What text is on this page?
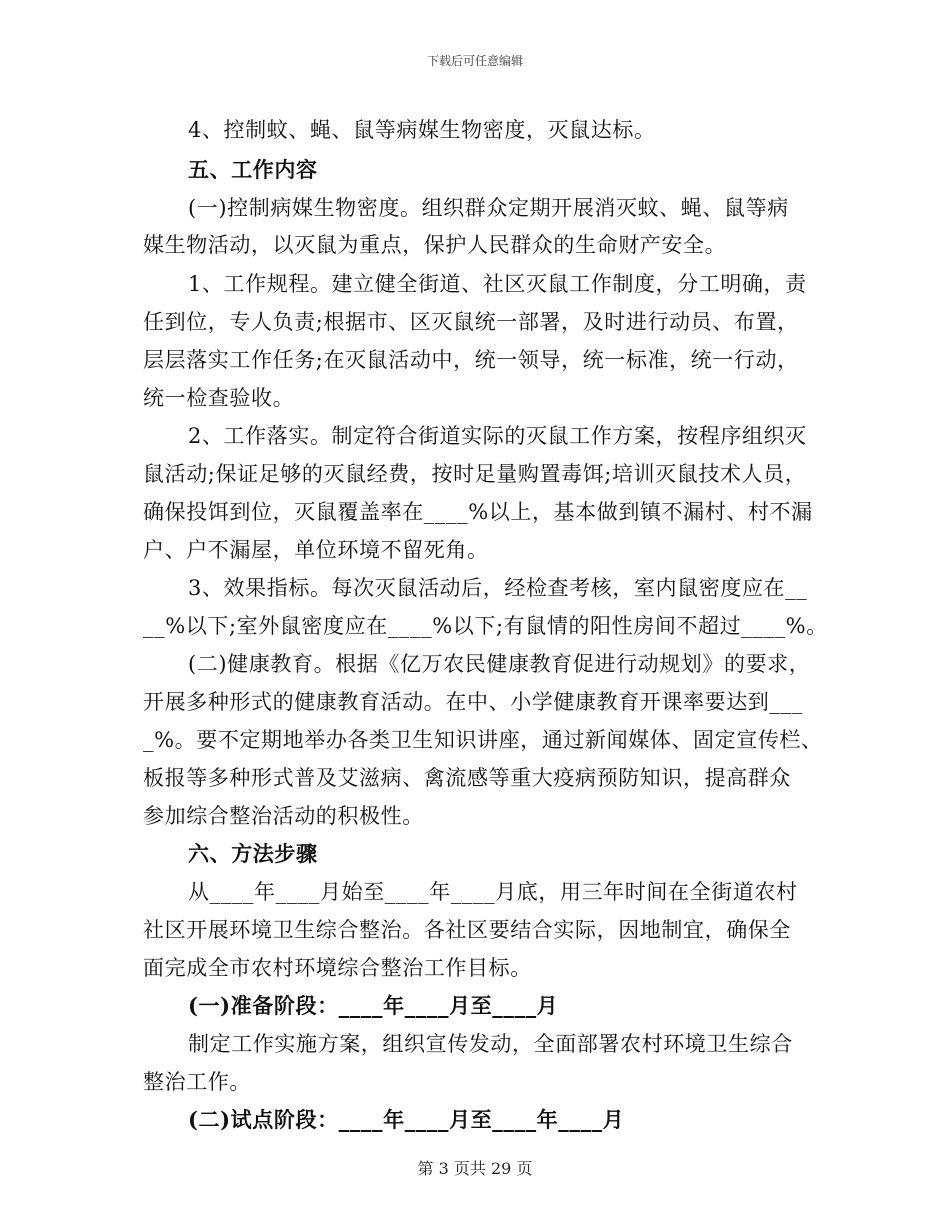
下载后可任意编辑
4、控制蚊、蝇、鼠等病媒生物密度，灭鼠达标。
五、工作内容
(一)控制病媒生物密度。组织群众定期开展消灭蚊、蝇、鼠等病
媒生物活动，以灭鼠为重点，保护人民群众的生命财产安全。
1、工作规程。建立健全街道、社区灭鼠工作制度，分工明确，责
任到位，专人负责;根据市、区灭鼠统一部署，及时进行动员、布置，
层层落实工作任务;在灭鼠活动中，统一领导，统一标准，统一行动，
统一检查验收。
2、工作落实。制定符合街道实际的灭鼠工作方案，按程序组织灭
鼠活动;保证足够的灭鼠经费，按时足量购置毒饵;培训灭鼠技术人员，
确保投饵到位，灭鼠覆盖率在____%以上，基本做到镇不漏村、村不漏
户、户不漏屋，单位环境不留死角。
3、效果指标。每次灭鼠活动后，经检查考核，室内鼠密度应在__
__%以下;室外鼠密度应在____%以下;有鼠情的阳性房间不超过____%。
(二)健康教育。根据《亿万农民健康教育促进行动规划》的要求，
开展多种形式的健康教育活动。在中、小学健康教育开课率要达到___
_%。要不定期地举办各类卫生知识讲座，通过新闻媒体、固定宣传栏、
板报等多种形式普及艾滋病、禽流感等重大疫病预防知识，提高群众
参加综合整治活动的积极性。
六、方法步骤
从____年____月始至____年____月底，用三年时间在全街道农村
社区开展环境卫生综合整治。各社区要结合实际，因地制宜，确保全
面完成全市农村环境综合整治工作目标。
(一)准备阶段：____年____月至____月
制定工作实施方案，组织宣传发动，全面部署农村环境卫生综合
整治工作。
(二)试点阶段：____年____月至____年____月
第 3 页共 29 页
